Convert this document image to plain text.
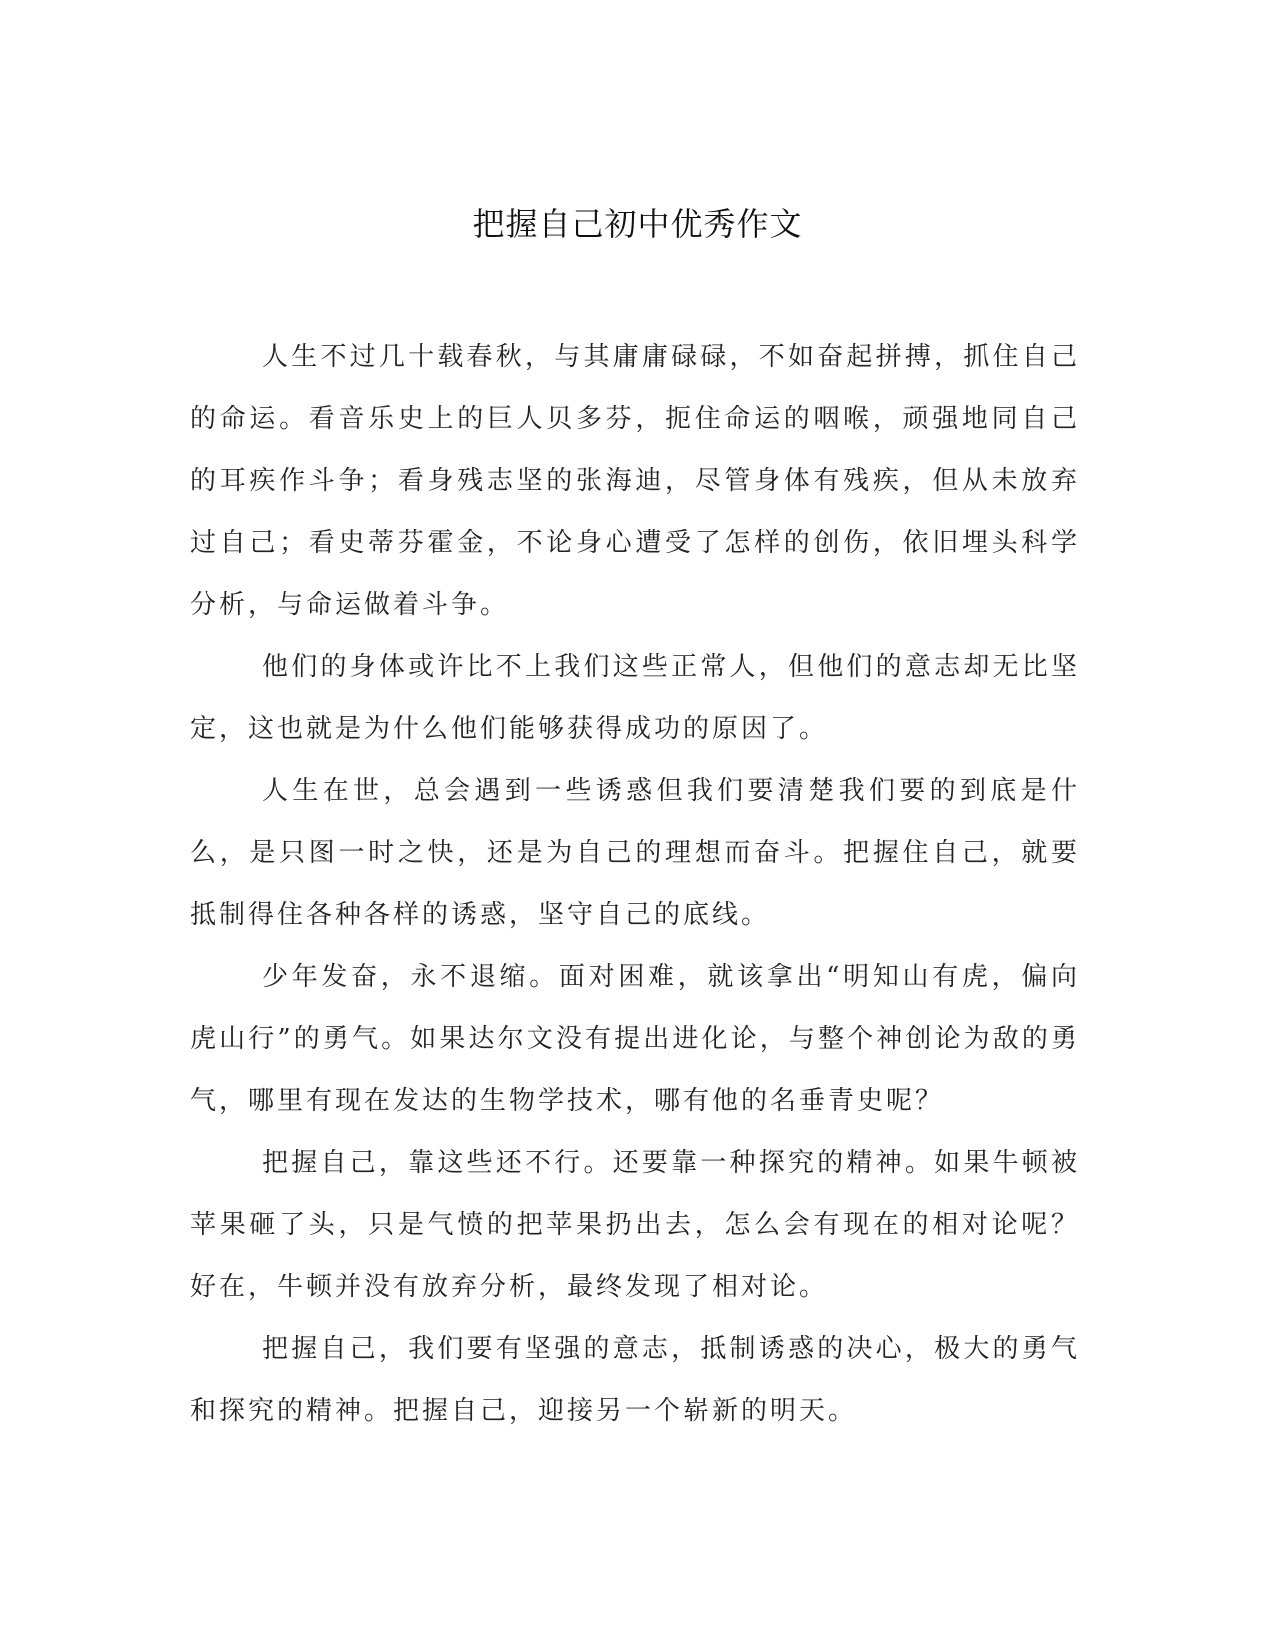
把握自己初中优秀作文

人生不过几十载春秋，与其庸庸碌碌，不如奋起拼搏，抓住自己的命运。看音乐史上的巨人贝多芬，扼住命运的咽喉，顽强地同自己的耳疾作斗争；看身残志坚的张海迪，尽管身体有残疾，但从未放弃过自己；看史蒂芬霍金，不论身心遭受了怎样的创伤，依旧埋头科学分析，与命运做着斗争。

他们的身体或许比不上我们这些正常人，但他们的意志却无比坚定，这也就是为什么他们能够获得成功的原因了。

人生在世，总会遇到一些诱惑但我们要清楚我们要的到底是什么，是只图一时之快，还是为自己的理想而奋斗。把握住自己，就要抵制得住各种各样的诱惑，坚守自己的底线。

少年发奋，永不退缩。面对困难，就该拿出“明知山有虎，偏向虎山行”的勇气。如果达尔文没有提出进化论，与整个神创论为敌的勇气，哪里有现在发达的生物学技术，哪有他的名垂青史呢？

把握自己，靠这些还不行。还要靠一种探究的精神。如果牛顿被苹果砸了头，只是气愤的把苹果扔出去，怎么会有现在的相对论呢？好在，牛顿并没有放弃分析，最终发现了相对论。

把握自己，我们要有坚强的意志，抵制诱惑的决心，极大的勇气和探究的精神。把握自己，迎接另一个崭新的明天。
